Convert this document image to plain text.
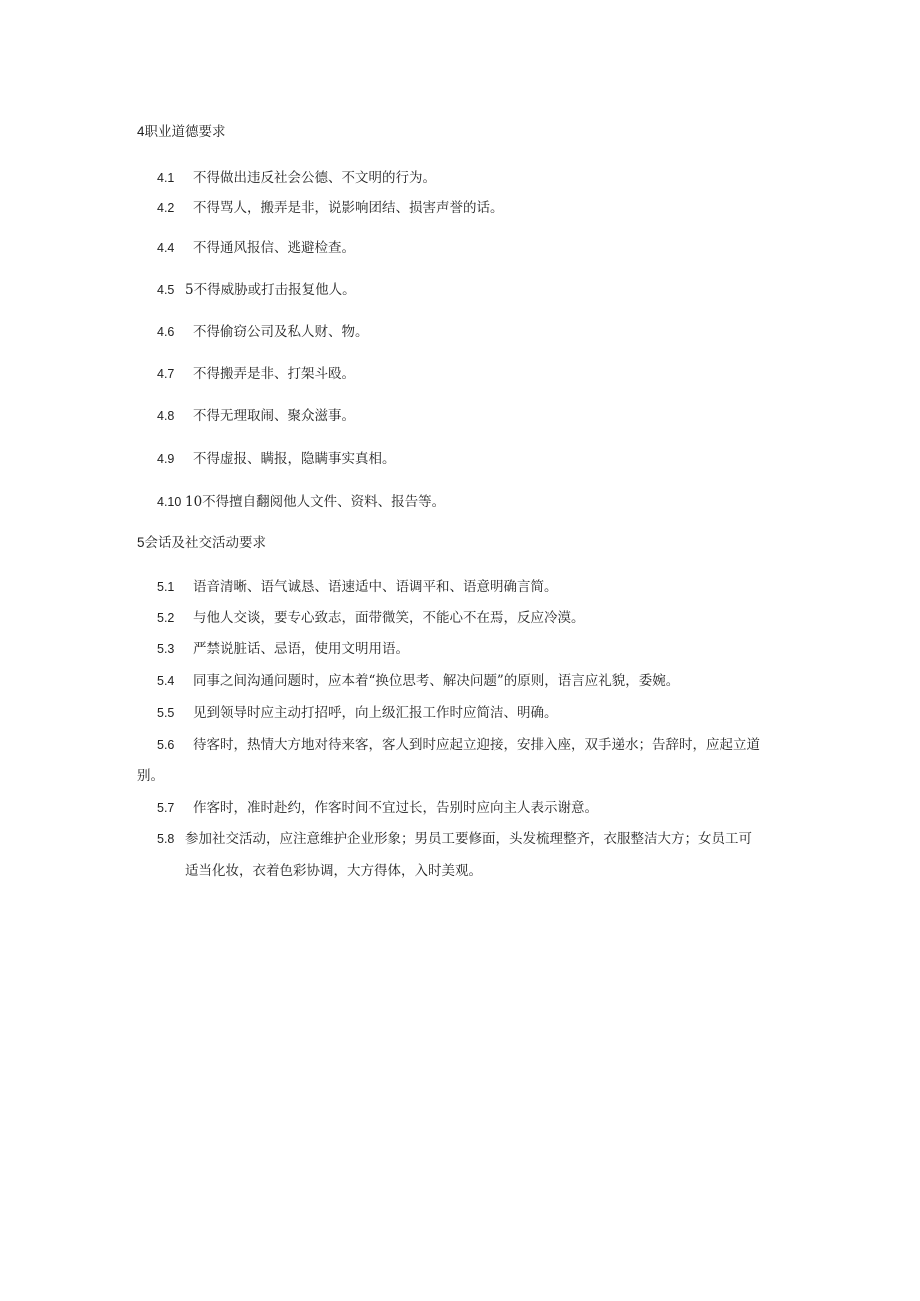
4职业道德要求
4.1 不得做出违反社会公德、不文明的行为。
4.2 不得骂人，搬弄是非，说影响团结、损害声誉的话。
4.4 不得通风报信、逃避检查。
4.5 5不得威胁或打击报复他人。
4.6 不得偷窃公司及私人财、物。
4.7 不得搬弄是非、打架斗殴。
4.8 不得无理取闹、聚众滋事。
4.9 不得虚报、瞒报，隐瞒事实真相。
4.10 10不得擅自翻阅他人文件、资料、报告等。
5会话及社交活动要求
5.1 语音清晰、语气诚恳、语速适中、语调平和、语意明确言简。
5.2 与他人交谈，要专心致志，面带微笑，不能心不在焉，反应冷漠。
5.3 严禁说脏话、忌语，使用文明用语。
5.4 同事之间沟通问题时，应本着“换位思考、解决问题”的原则，语言应礼貌，委婉。
5.5 见到领导时应主动打招呼，向上级汇报工作时应简洁、明确。
5.6 待客时，热情大方地对待来客，客人到时应起立迎接，安排入座，双手递水；告辞时，应起立道
别。
5.7 作客时，准时赴约，作客时间不宜过长，告别时应向主人表示谢意。
5.8 参加社交活动，应注意维护企业形象；男员工要修面，头发梳理整齐，衣服整洁大方；女员工可
适当化妆，衣着色彩协调，大方得体，入时美观。
